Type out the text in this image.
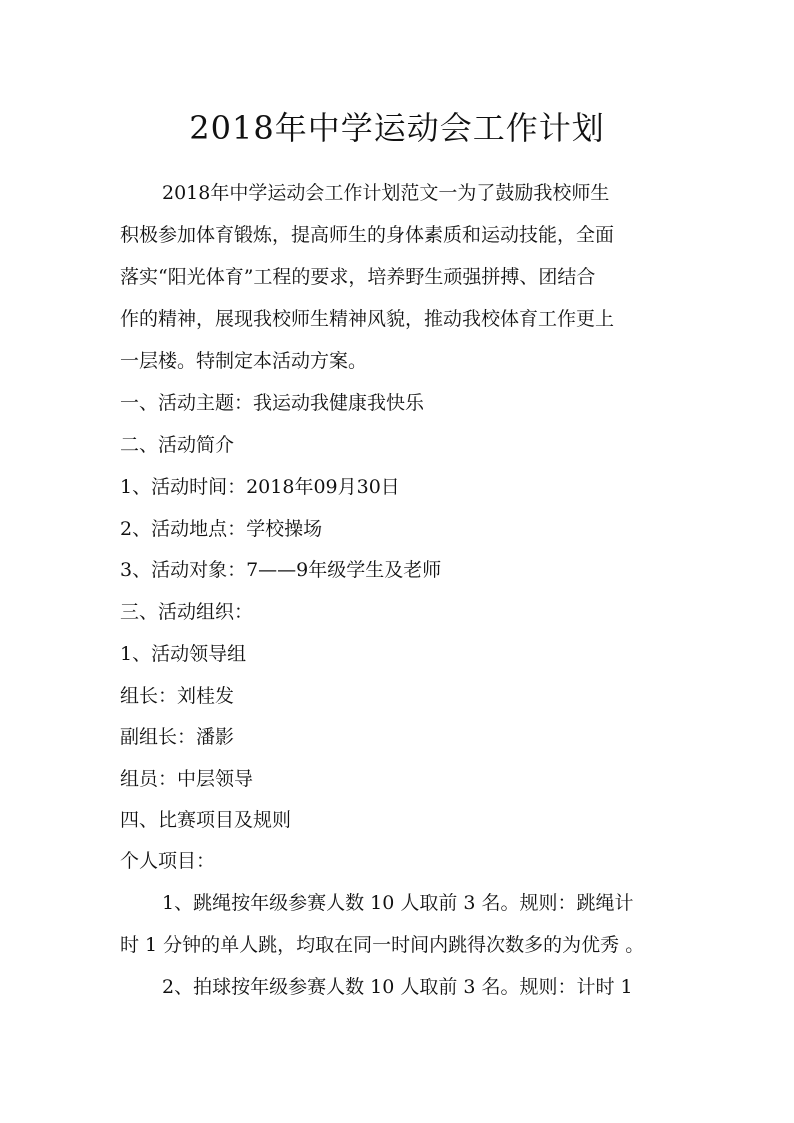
2018年中学运动会工作计划

2018年中学运动会工作计划范文一为了鼓励我校师生

积极参加体育锻炼，提高师生的身体素质和运动技能，全面

落实“阳光体育”工程的要求，培养野生顽强拼搏、团结合

作的精神，展现我校师生精神风貌，推动我校体育工作更上

一层楼。特制定本活动方案。

一、活动主题：我运动我健康我快乐

二、活动简介

1、活动时间：2018年09月30日

2、活动地点：学校操场

3、活动对象：7——9年级学生及老师

三、活动组织：

1、活动领导组

组长：刘桂发

副组长：潘影

组员：中层领导

四、比赛项目及规则

个人项目：

1、跳绳按年级参赛人数 10 人取前 3 名。规则：跳绳计

时 1 分钟的单人跳，均取在同一时间内跳得次数多的为优秀 。

2、拍球按年级参赛人数 10 人取前 3 名。规则：计时 1
